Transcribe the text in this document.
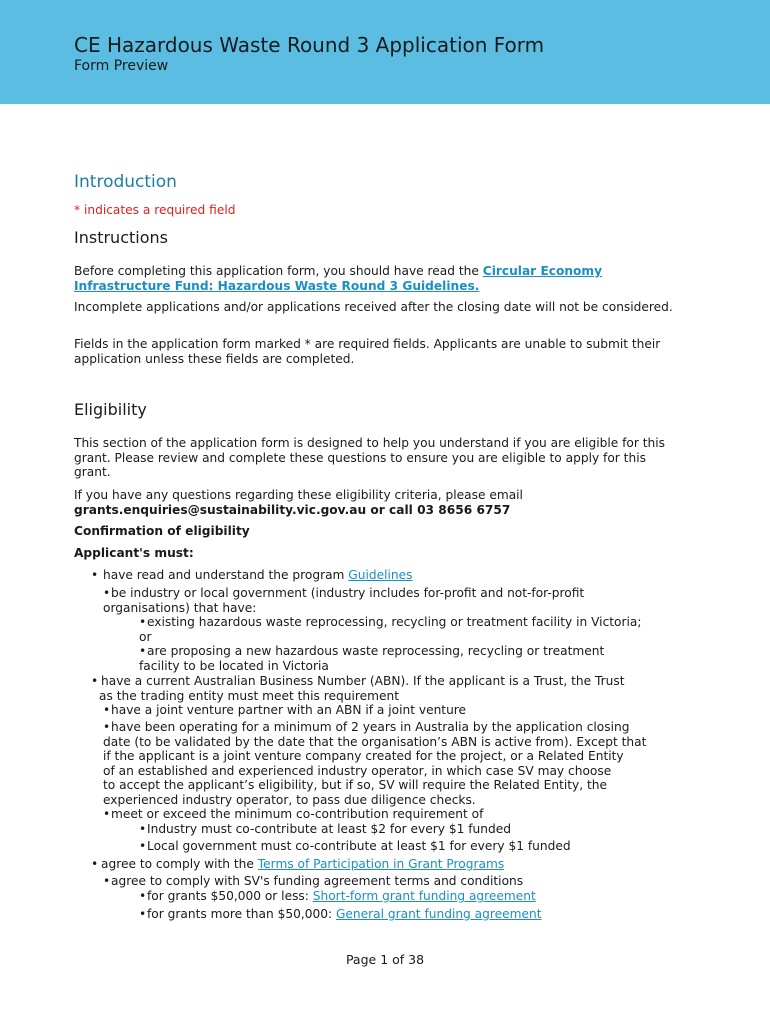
CE Hazardous Waste Round 3 Application Form
Form Preview
Introduction
* indicates a required field
Instructions
Before completing this application form, you should have read the Circular Economy
Infrastructure Fund: Hazardous Waste Round 3 Guidelines.
Incomplete applications and/or applications received after the closing date will not be considered.
Fields in the application form marked * are required fields. Applicants are unable to submit their application unless these fields are completed.
Eligibility
This section of the application form is designed to help you understand if you are eligible for this grant. Please review and complete these questions to ensure you are eligible to apply for this grant.
If you have any questions regarding these eligibility criteria, please email
grants.enquiries@sustainability.vic.gov.au or call 03 8656 6757
Confirmation of eligibility
Applicant's must:
• have read and understand the program Guidelines
• be industry or local government (industry includes for-profit and not-for-profit
organisations) that have:
• existing hazardous waste reprocessing, recycling or treatment facility in Victoria;
or
• are proposing a new hazardous waste reprocessing, recycling or treatment
facility to be located in Victoria
• have a current Australian Business Number (ABN). If the applicant is a Trust, the Trust
as the trading entity must meet this requirement
• have a joint venture partner with an ABN if a joint venture
• have been operating for a minimum of 2 years in Australia by the application closing
date (to be validated by the date that the organisation’s ABN is active from). Except that
if the applicant is a joint venture company created for the project, or a Related Entity
of an established and experienced industry operator, in which case SV may choose
to accept the applicant’s eligibility, but if so, SV will require the Related Entity, the
experienced industry operator, to pass due diligence checks.
• meet or exceed the minimum co-contribution requirement of
• Industry must co-contribute at least $2 for every $1 funded
• Local government must co-contribute at least $1 for every $1 funded
• agree to comply with the Terms of Participation in Grant Programs
• agree to comply with SV's funding agreement terms and conditions
• for grants $50,000 or less: Short-form grant funding agreement
• for grants more than $50,000: General grant funding agreement
Page 1 of 38
